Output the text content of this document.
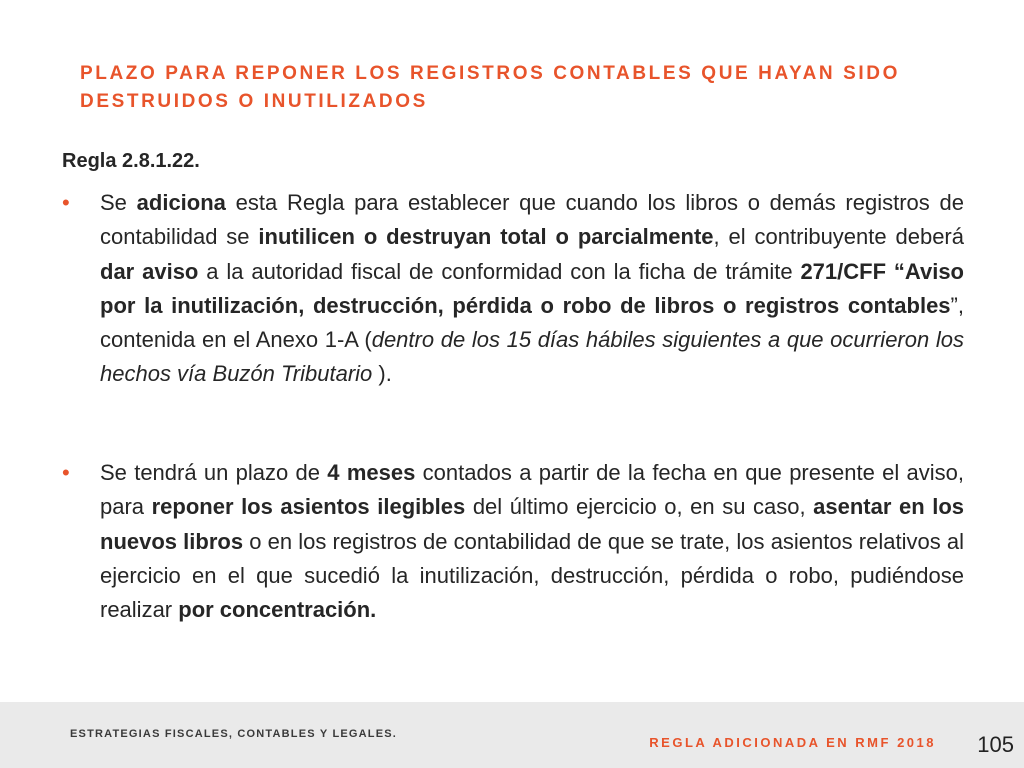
PLAZO PARA REPONER LOS REGISTROS CONTABLES QUE HAYAN SIDO
DESTRUIDOS O INUTILIZADOS

Regla 2.8.1.22.

• Se adiciona esta Regla para establecer que cuando los libros o demás registros de contabilidad se inutilicen o destruyan total o parcialmente, el contribuyente deberá dar aviso a la autoridad fiscal de conformidad con la ficha de trámite 271/CFF “Aviso por la inutilización, destrucción, pérdida o robo de libros o registros contables”, contenida en el Anexo 1-A (dentro de los 15 días hábiles siguientes a que ocurrieron los hechos vía Buzón Tributario ).
• Se tendrá un plazo de 4 meses contados a partir de la fecha en que presente el aviso, para reponer los asientos ilegibles del último ejercicio o, en su caso, asentar en los nuevos libros o en los registros de contabilidad de que se trate, los asientos relativos al ejercicio en el que sucedió la inutilización, destrucción, pérdida o robo, pudiéndose realizar por concentración.
ESTRATEGIAS FISCALES, CONTABLES Y LEGALES.
REGLA ADICIONADA EN RMF 2018 105
